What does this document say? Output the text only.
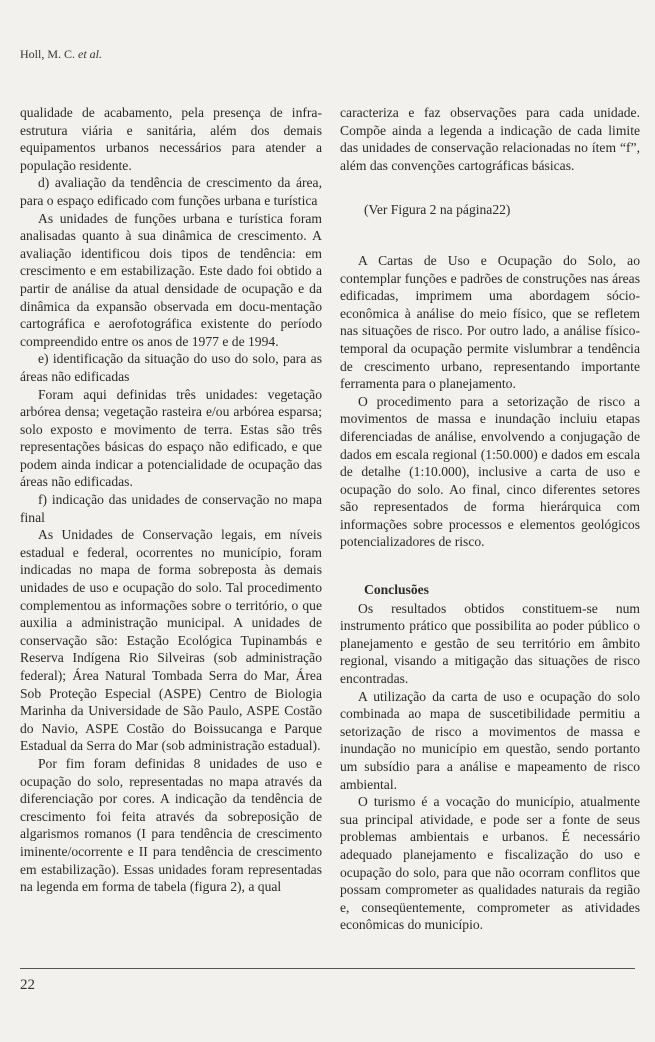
Holl, M. C. et al.

qualidade de acabamento, pela presença de infra-estrutura viária e sanitária, além dos demais equipamentos urbanos necessários para atender a população residente.

d) avaliação da tendência de crescimento da área, para o espaço edificado com funções urbana e turística

As unidades de funções urbana e turística foram analisadas quanto à sua dinâmica de crescimento. A avaliação identificou dois tipos de tendência: em crescimento e em estabilização. Este dado foi obtido a partir de análise da atual densidade de ocupação e da dinâmica da expansão observada em docu-mentação cartográfica e aerofotográfica existente do período compreendido entre os anos de 1977 e de 1994.

e) identificação da situação do uso do solo, para as áreas não edificadas

Foram aqui definidas três unidades: vegetação arbórea densa; vegetação rasteira e/ou arbórea esparsa; solo exposto e movimento de terra. Estas são três representações básicas do espaço não edificado, e que podem ainda indicar a potencialidade de ocupação das áreas não edificadas.

f) indicação das unidades de conservação no mapa final

As Unidades de Conservação legais, em níveis estadual e federal, ocorrentes no município, foram indicadas no mapa de forma sobreposta às demais unidades de uso e ocupação do solo. Tal procedimento complementou as informações sobre o território, o que auxilia a administração municipal. A unidades de conservação são: Estação Ecológica Tupinambás e Reserva Indígena Rio Silveiras (sob administração federal); Área Natural Tombada Serra do Mar, Área Sob Proteção Especial (ASPE) Centro de Biologia Marinha da Universidade de São Paulo, ASPE Costão do Navio, ASPE Costão do Boissucanga e Parque Estadual da Serra do Mar (sob administração estadual).

Por fim foram definidas 8 unidades de uso e ocupação do solo, representadas no mapa através da diferenciação por cores. A indicação da tendência de crescimento foi feita através da sobreposição de algarismos romanos (I para tendência de crescimento iminente/ocorrente e II para tendência de crescimento em estabilização). Essas unidades foram representadas na legenda em forma de tabela (figura 2), a qual

caracteriza e faz observações para cada unidade. Compõe ainda a legenda a indicação de cada limite das unidades de conservação relacionadas no ítem “f”, além das convenções cartográficas básicas.

(Ver Figura 2 na página22)

A Cartas de Uso e Ocupação do Solo, ao contemplar funções e padrões de construções nas áreas edificadas, imprimem uma abordagem sócio-econômica à análise do meio físico, que se refletem nas situações de risco. Por outro lado, a análise físico-temporal da ocupação permite vislumbrar a tendência de crescimento urbano, representando importante ferramenta para o planejamento.

O procedimento para a setorização de risco a movimentos de massa e inundação incluiu etapas diferenciadas de análise, envolvendo a conjugação de dados em escala regional (1:50.000) e dados em escala de detalhe (1:10.000), inclusive a carta de uso e ocupação do solo. Ao final, cinco diferentes setores são representados de forma hierárquica com informações sobre processos e elementos geológicos potencializadores de risco.

Conclusões

Os resultados obtidos constituem-se num instrumento prático que possibilita ao poder público o planejamento e gestão de seu território em âmbito regional, visando a mitigação das situações de risco encontradas.

A utilização da carta de uso e ocupação do solo combinada ao mapa de suscetibilidade permitiu a setorização de risco a movimentos de massa e inundação no município em questão, sendo portanto um subsídio para a análise e mapeamento de risco ambiental.

O turismo é a vocação do município, atualmente sua principal atividade, e pode ser a fonte de seus problemas ambientais e urbanos. É necessário adequado planejamento e fiscalização do uso e ocupação do solo, para que não ocorram conflitos que possam comprometer as qualidades naturais da região e, conseqüentemente, comprometer as atividades econômicas do município.

22
